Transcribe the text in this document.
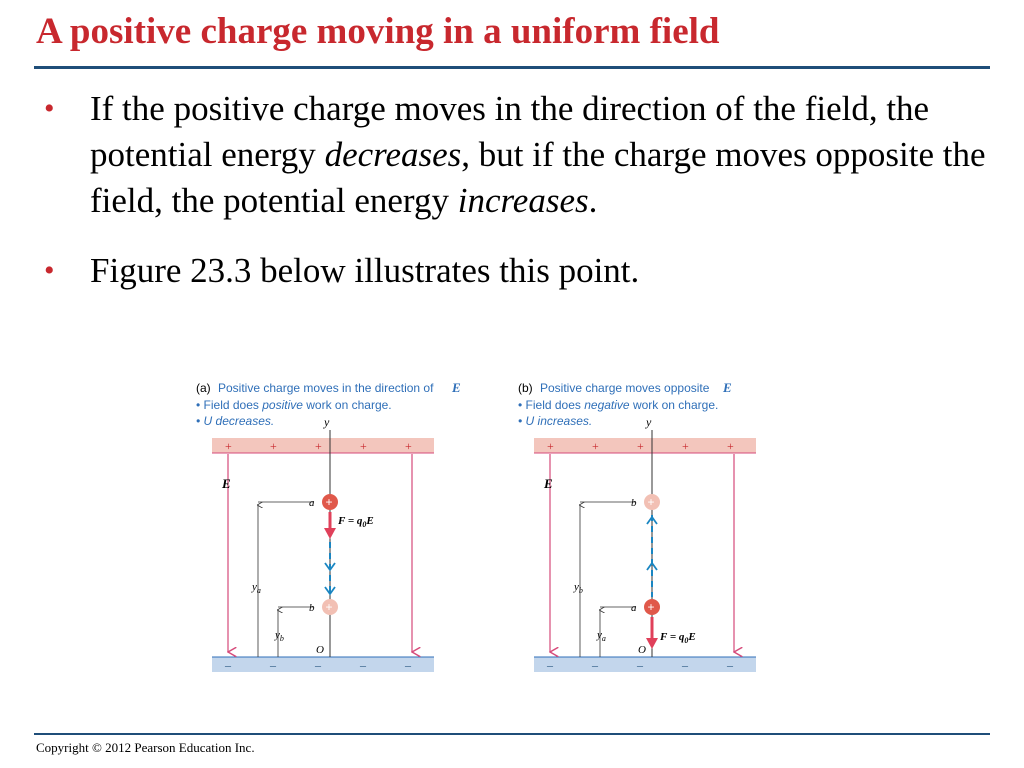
A positive charge moving in a uniform field
• If the positive charge moves in the direction of the field, the potential energy decreases, but if the charge moves opposite the field, the potential energy increases.
• Figure 23.3 below illustrates this point.
(a) Positive charge moves in the direction of E
• Field does positive work on charge.
• U decreases.	y
+	+	+	+	+
–	–	–	–	–
E
$y_a$
$y_b$
a
b
O
+
$F = q_0E$
+
(b) Positive charge moves opposite E
• Field does negative work on charge.
• U increases.	y
+	+	+	+	+
–	–	–	–	–
E
$y_b$
$y_a$
b
a
O
+
+
$F = q_0E$
Copyright © 2012 Pearson Education Inc.
